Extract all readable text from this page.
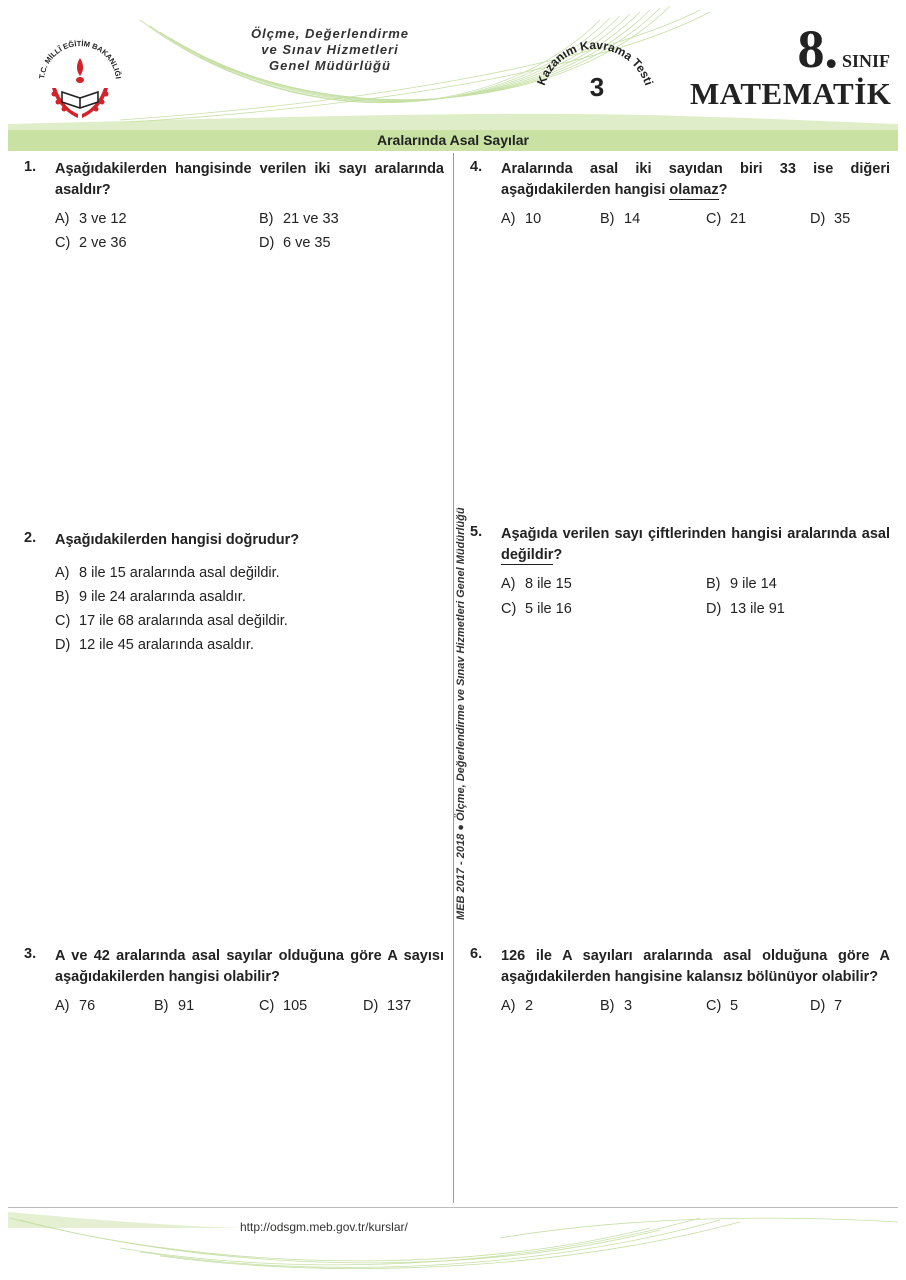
T.C. MİLLÎ EĞİTİM BAKANLIĞI
Ölçme, Değerlendirme
ve Sınav Hizmetleri
Genel Müdürlüğü
Kazanım Kavrama Testi
3
8. SINIF
MATEMATİK
Aralarında Asal Sayılar
MEB 2017 - 2018 ● Ölçme, Değerlendirme ve Sınav Hizmetleri Genel Müdürlüğü
1. Aşağıdakilerden hangisinde verilen iki sayı aralarında asaldır?
A) 3 ve 12	B) 21 ve 33
C) 2 ve 36	D) 6 ve 35
2. Aşağıdakilerden hangisi doğrudur?
A) 8 ile 15 aralarında asal değildir.
B) 9 ile 24 aralarında asaldır.
C) 17 ile 68 aralarında asal değildir.
D) 12 ile 45 aralarında asaldır.
3. A ve 42 aralarında asal sayılar olduğuna göre A sayısı aşağıdakilerden hangisi olabilir?
A) 76	B) 91	C) 105	D) 137
4. Aralarında asal iki sayıdan biri 33 ise diğeri aşağıdakilerden hangisi olamaz?
A) 10	B) 14	C) 21	D) 35
5. Aşağıda verilen sayı çiftlerinden hangisi aralarında asal değildir?
A) 8 ile 15	B) 9 ile 14
C) 5 ile 16	D) 13 ile 91
6. 126 ile A sayıları aralarında asal olduğuna göre A aşağıdakilerden hangisine kalansız bölünüyor olabilir?
A) 2	B) 3	C) 5	D) 7
http://odsgm.meb.gov.tr/kurslar/
